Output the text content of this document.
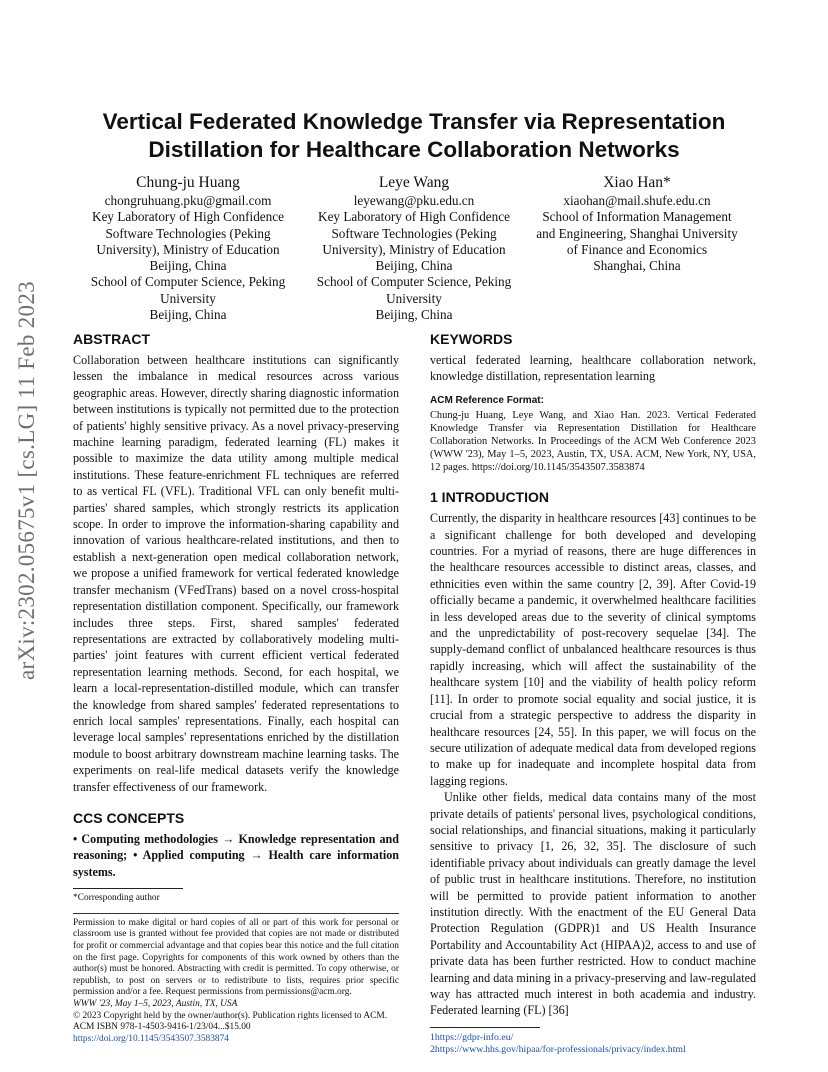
arXiv:2302.05675v1 [cs.LG] 11 Feb 2023
Vertical Federated Knowledge Transfer via Representation Distillation for Healthcare Collaboration Networks
Chung-ju Huang
chongruhuang.pku@gmail.com
Key Laboratory of High Confidence
Software Technologies (Peking
University), Ministry of Education
Beijing, China
School of Computer Science, Peking
University
Beijing, China
Leye Wang
leyewang@pku.edu.cn
Key Laboratory of High Confidence
Software Technologies (Peking
University), Ministry of Education
Beijing, China
School of Computer Science, Peking
University
Beijing, China
Xiao Han*
xiaohan@mail.shufe.edu.cn
School of Information Management
and Engineering, Shanghai University
of Finance and Economics
Shanghai, China
ABSTRACT

Collaboration between healthcare institutions can significantly lessen the imbalance in medical resources across various geographic areas. However, directly sharing diagnostic information between institutions is typically not permitted due to the protection of patients' highly sensitive privacy. As a novel privacy-preserving machine learning paradigm, federated learning (FL) makes it possible to maximize the data utility among multiple medical institutions. These feature-enrichment FL techniques are referred to as vertical FL (VFL). Traditional VFL can only benefit multi-parties' shared samples, which strongly restricts its application scope. In order to improve the information-sharing capability and innovation of various healthcare-related institutions, and then to establish a next-generation open medical collaboration network, we propose a unified framework for vertical federated knowledge transfer mechanism (VFedTrans) based on a novel cross-hospital representation distillation component. Specifically, our framework includes three steps. First, shared samples' federated representations are extracted by collaboratively modeling multi-parties' joint features with current efficient vertical federated representation learning methods. Second, for each hospital, we learn a local-representation-distilled module, which can transfer the knowledge from shared samples' federated representations to enrich local samples' representations. Finally, each hospital can leverage local samples' representations enriched by the distillation module to boost arbitrary downstream machine learning tasks. The experiments on real-life medical datasets verify the knowledge transfer effectiveness of our framework.

CCS CONCEPTS

• Computing methodologies → Knowledge representation and reasoning; • Applied computing → Health care information systems.

*Corresponding author

Permission to make digital or hard copies of all or part of this work for personal or classroom use is granted without fee provided that copies are not made or distributed for profit or commercial advantage and that copies bear this notice and the full citation on the first page. Copyrights for components of this work owned by others than the author(s) must be honored. Abstracting with credit is permitted. To copy otherwise, or republish, to post on servers or to redistribute to lists, requires prior specific permission and/or a fee. Request permissions from permissions@acm.org.

WWW '23, May 1–5, 2023, Austin, TX, USA
© 2023 Copyright held by the owner/author(s). Publication rights licensed to ACM.
ACM ISBN 978-1-4503-9416-1/23/04...$15.00
https://doi.org/10.1145/3543507.3583874
KEYWORDS

vertical federated learning, healthcare collaboration network, knowledge distillation, representation learning

ACM Reference Format:

Chung-ju Huang, Leye Wang, and Xiao Han. 2023. Vertical Federated Knowledge Transfer via Representation Distillation for Healthcare Collaboration Networks. In Proceedings of the ACM Web Conference 2023 (WWW '23), May 1–5, 2023, Austin, TX, USA. ACM, New York, NY, USA, 12 pages. https://doi.org/10.1145/3543507.3583874

1 INTRODUCTION

Currently, the disparity in healthcare resources [43] continues to be a significant challenge for both developed and developing countries. For a myriad of reasons, there are huge differences in the healthcare resources accessible to distinct areas, classes, and ethnicities even within the same country [2, 39]. After Covid-19 officially became a pandemic, it overwhelmed healthcare facilities in less developed areas due to the severity of clinical symptoms and the unpredictability of post-recovery sequelae [34]. The supply-demand conflict of unbalanced healthcare resources is thus rapidly increasing, which will affect the sustainability of the healthcare system [10] and the viability of health policy reform [11]. In order to promote social equality and social justice, it is crucial from a strategic perspective to address the disparity in healthcare resources [24, 55]. In this paper, we will focus on the secure utilization of adequate medical data from developed regions to make up for inadequate and incomplete hospital data from lagging regions.

Unlike other fields, medical data contains many of the most private details of patients' personal lives, psychological conditions, social relationships, and financial situations, making it particularly sensitive to privacy [1, 26, 32, 35]. The disclosure of such identifiable privacy about individuals can greatly damage the level of public trust in healthcare institutions. Therefore, no institution will be permitted to provide patient information to another institution directly. With the enactment of the EU General Data Protection Regulation (GDPR)1 and US Health Insurance Portability and Accountability Act (HIPAA)2, access to and use of private data has been further restricted. How to conduct machine learning and data mining in a privacy-preserving and law-regulated way has attracted much interest in both academia and industry. Federated learning (FL) [36]

1https://gdpr-info.eu/
2https://www.hhs.gov/hipaa/for-professionals/privacy/index.html
